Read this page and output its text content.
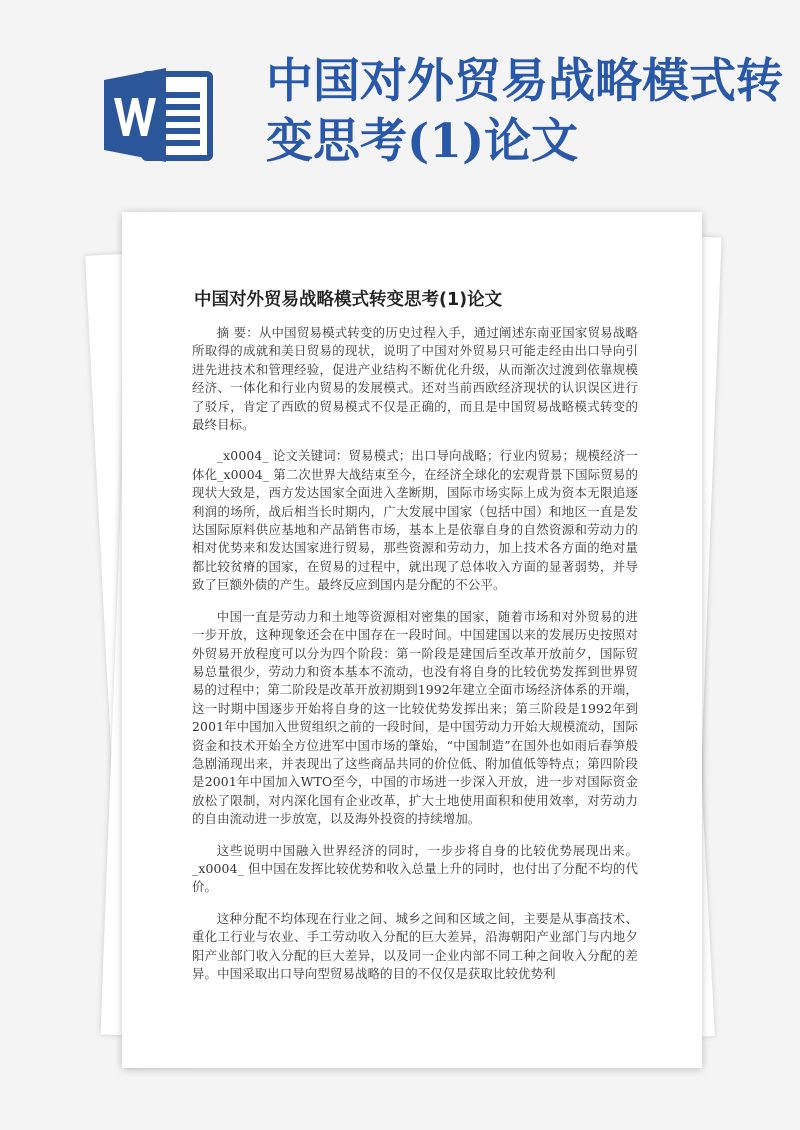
中国对外贸易战略模式转变思考(1)论文
中国对外贸易战略模式转变思考(1)论文

摘 要：从中国贸易模式转变的历史过程入手，通过阐述东南亚国家贸易战略所取得的成就和美日贸易的现状，说明了中国对外贸易只可能走经由出口导向引进先进技术和管理经验，促进产业结构不断优化升级，从而渐次过渡到依靠规模经济、一体化和行业内贸易的发展模式。还对当前西欧经济现状的认识误区进行了驳斥，肯定了西欧的贸易模式不仅是正确的，而且是中国贸易战略模式转变的最终目标。

_x0004_ 论文关键词：贸易模式；出口导向战略；行业内贸易；规模经济一体化_x0004_ 第二次世界大战结束至今，在经济全球化的宏观背景下国际贸易的现状大致是，西方发达国家全面进入垄断期，国际市场实际上成为资本无限追逐利润的场所，战后相当长时期内，广大发展中国家（包括中国）和地区一直是发达国际原料供应基地和产品销售市场，基本上是依靠自身的自然资源和劳动力的相对优势来和发达国家进行贸易，那些资源和劳动力，加上技术各方面的绝对量都比较贫瘠的国家，在贸易的过程中，就出现了总体收入方面的显著弱势，并导致了巨额外债的产生。最终反应到国内是分配的不公平。

中国一直是劳动力和土地等资源相对密集的国家，随着市场和对外贸易的进一步开放，这种现象还会在中国存在一段时间。中国建国以来的发展历史按照对外贸易开放程度可以分为四个阶段：第一阶段是建国后至改革开放前夕，国际贸易总量很少，劳动力和资本基本不流动，也没有将自身的比较优势发挥到世界贸易的过程中；第二阶段是改革开放初期到1992年建立全面市场经济体系的开端，这一时期中国逐步开始将自身的这一比较优势发挥出来；第三阶段是1992年到2001年中国加入世贸组织之前的一段时间，是中国劳动力开始大规模流动，国际资金和技术开始全方位进军中国市场的肇始，“中国制造”在国外也如雨后春笋般急剧涌现出来，并表现出了这些商品共同的价位低、附加值低等特点；第四阶段是2001年中国加入WTO至今，中国的市场进一步深入开放，进一步对国际资金放松了限制，对内深化国有企业改革，扩大土地使用面积和使用效率，对劳动力的自由流动进一步放宽，以及海外投资的持续增加。

这些说明中国融入世界经济的同时，一步步将自身的比较优势展现出来。_x0004_ 但中国在发挥比较优势和收入总量上升的同时，也付出了分配不均的代价。

这种分配不均体现在行业之间、城乡之间和区域之间，主要是从事高技术、重化工行业与农业、手工劳动收入分配的巨大差异，沿海朝阳产业部门与内地夕阳产业部门收入分配的巨大差异，以及同一企业内部不同工种之间收入分配的差异。中国采取出口导向型贸易战略的目的不仅仅是获取比较优势利
